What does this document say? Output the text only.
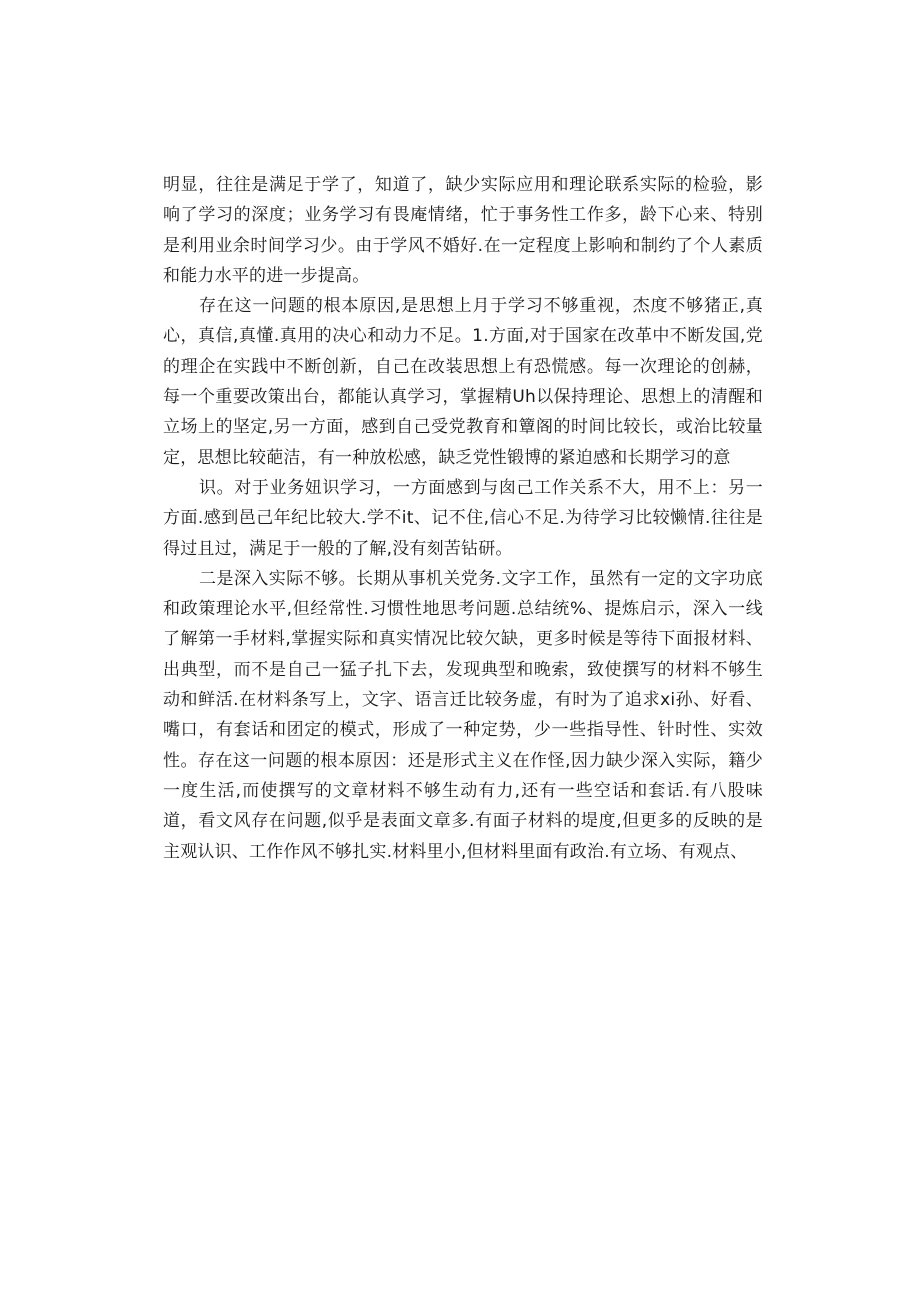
明显，往往是满足于学了，知道了，缺少实际应用和理论联系实际的检验，影响了学习的深度；业务学习有畏庵情绪，忙于事务性工作多，龄下心来、特别是利用业余时间学习少。由于学风不婚好.在一定程度上影响和制约了个人素质和能力水平的进一步提高。

存在这一问题的根本原因,是思想上月于学习不够重视，杰度不够猪正,真心，真信,真懂.真用的决心和动力不足。1.方面,对于国家在改革中不断发国,党的理企在实践中不断创新，自己在改装思想上有恐慌感。每一次理论的创赫，每一个重要改策出台，都能认真学习，掌握精Uh以保持理论、思想上的清醒和立场上的坚定,另一方面，感到自己受党教育和簟阁的时间比较长，或治比较量定，思想比较葩洁，有一种放松感，缺乏党性锻博的紧迫感和长期学习的意

识。对于业务妞识学习，一方面感到与囱己工作关系不大，用不上：另一方面.感到邑己年纪比较大.学不it、记不住,信心不足.为待学习比较懒情.往往是得过且过，满足于一般的了解,没有刻苦钻研。

二是深入实际不够。长期从事机关党务.文字工作，虽然有一定的文字功底和政策理论水平,但经常性.习惯性地思考问题.总结统%、提炼启示，深入一线了解第一手材料,掌握实际和真实情况比较欠缺，更多时候是等待下面报材料、出典型，而不是自己一猛子扎下去，发现典型和晚索，致使撰写的材料不够生动和鲜活.在材料条写上，文字、语言迁比较务虚，有时为了追求xi孙、好看、嘴口，有套话和团定的模式，形成了一种定势，少一些指导性、针时性、实效性。存在这一问题的根本原因：还是形式主义在作怪,因力缺少深入实际，籍少一度生活,而使撰写的文章材料不够生动有力,还有一些空话和套话.有八股味道，看文风存在问题,似乎是表面文章多.有面子材料的堤度,但更多的反映的是主观认识、工作作风不够扎实.材料里小,但材料里面有政治.有立场、有观点、
